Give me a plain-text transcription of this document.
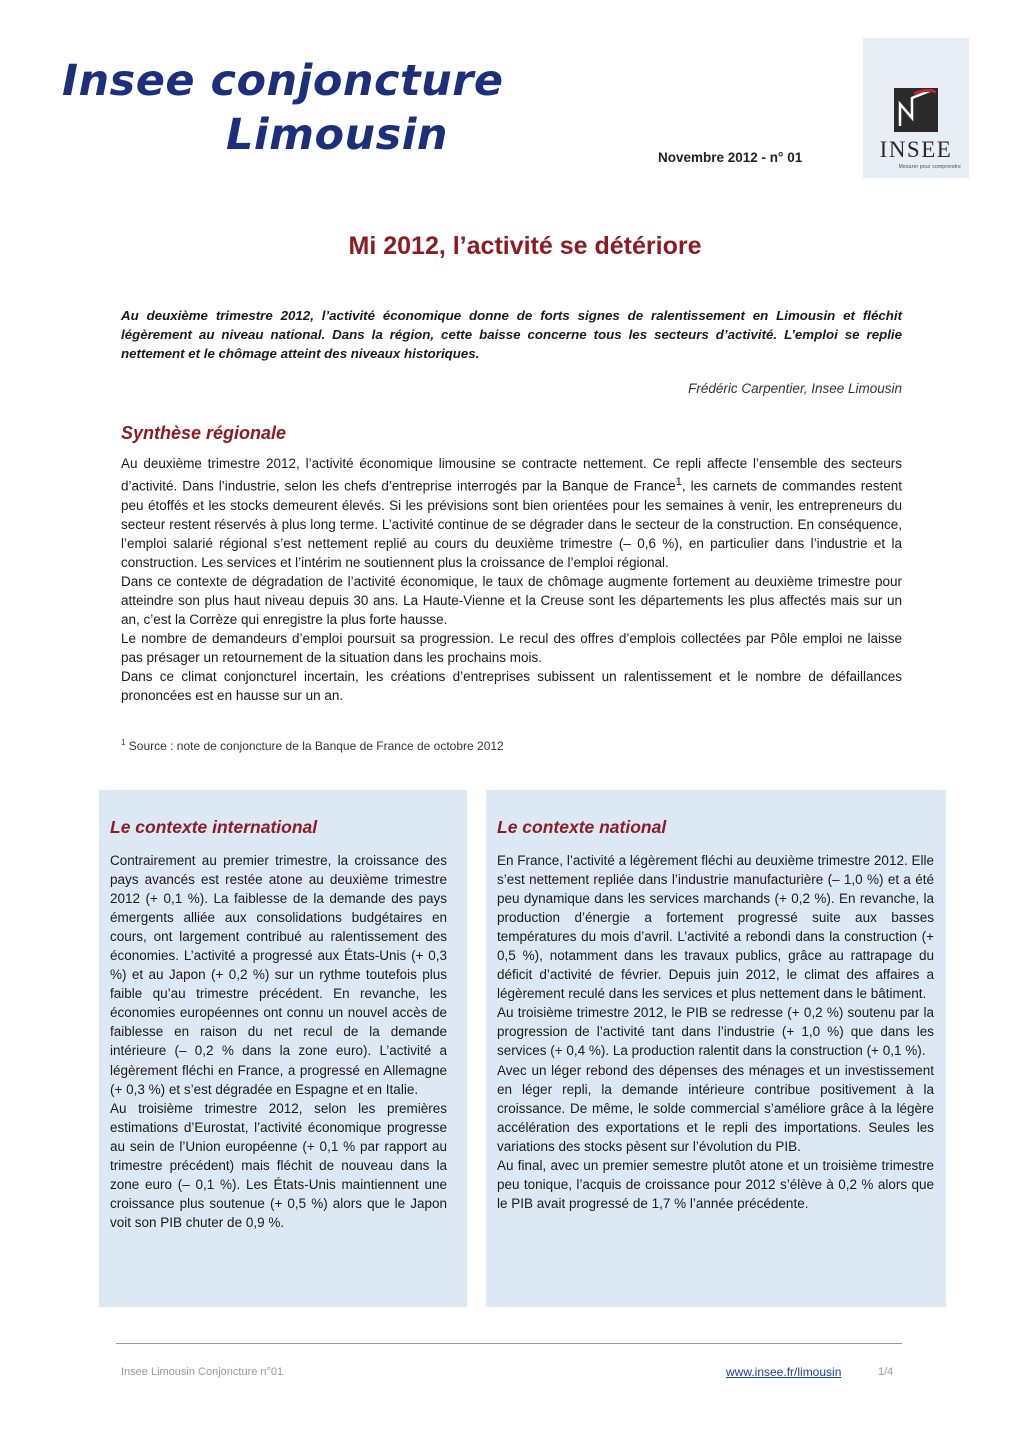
Insee conjoncture
Limousin	Novembre 2012 - n° 01	INSEE
Mesurer pour comprendre
Mi 2012, l’activité se détériore

Au deuxième trimestre 2012, l’activité économique donne de forts signes de ralentissement en Limousin et fléchit légèrement au niveau national. Dans la région, cette baisse concerne tous les secteurs d’activité. L’emploi se replie nettement et le chômage atteint des niveaux historiques.

Frédéric Carpentier, Insee Limousin
Synthèse régionale

Au deuxième trimestre 2012, l’activité économique limousine se contracte nettement. Ce repli affecte l’ensemble des secteurs d’activité. Dans l’industrie, selon les chefs d’entreprise interrogés par la Banque de France$^1$, les carnets de commandes restent peu étoffés et les stocks demeurent élevés. Si les prévisions sont bien orientées pour les semaines à venir, les entrepreneurs du secteur restent réservés à plus long terme. L’activité continue de se dégrader dans le secteur de la construction. En conséquence, l’emploi salarié régional s’est nettement replié au cours du deuxième trimestre (– 0,6 %), en particulier dans l’industrie et la construction. Les services et l’intérim ne soutiennent plus la croissance de l’emploi régional.

Dans ce contexte de dégradation de l’activité économique, le taux de chômage augmente fortement au deuxième trimestre pour atteindre son plus haut niveau depuis 30 ans. La Haute-Vienne et la Creuse sont les départements les plus affectés mais sur un an, c’est la Corrèze qui enregistre la plus forte hausse.

Le nombre de demandeurs d’emploi poursuit sa progression. Le recul des offres d’emplois collectées par Pôle emploi ne laisse pas présager un retournement de la situation dans les prochains mois.

Dans ce climat conjoncturel incertain, les créations d’entreprises subissent un ralentissement et le nombre de défaillances prononcées est en hausse sur un an.

$^1$ Source : note de conjoncture de la Banque de France de octobre 2012
Le contexte international

Contrairement au premier trimestre, la croissance des pays avancés est restée atone au deuxième trimestre 2012 (+ 0,1 %). La faiblesse de la demande des pays émergents alliée aux consolidations budgétaires en cours, ont largement contribué au ralentissement des économies. L’activité a progressé aux États-Unis (+ 0,3 %) et au Japon (+ 0,2 %) sur un rythme toutefois plus faible qu’au trimestre précédent. En revanche, les économies européennes ont connu un nouvel accès de faiblesse en raison du net recul de la demande intérieure (– 0,2 % dans la zone euro). L’activité a légèrement fléchi en France, a progressé en Allemagne (+ 0,3 %) et s’est dégradée en Espagne et en Italie.

Au troisième trimestre 2012, selon les premières estimations d’Eurostat, l’activité économique progresse au sein de l’Union européenne (+ 0,1 % par rapport au trimestre précédent) mais fléchit de nouveau dans la zone euro (– 0,1 %). Les États-Unis maintiennent une croissance plus soutenue (+ 0,5 %) alors que le Japon voit son PIB chuter de 0,9 %.

Le contexte national

En France, l’activité a légèrement fléchi au deuxième trimestre 2012. Elle s’est nettement repliée dans l’industrie manufacturière (– 1,0 %) et a été peu dynamique dans les services marchands (+ 0,2 %). En revanche, la production d’énergie a fortement progressé suite aux basses températures du mois d’avril. L’activité a rebondi dans la construction (+ 0,5 %), notamment dans les travaux publics, grâce au rattrapage du déficit d’activité de février. Depuis juin 2012, le climat des affaires a légèrement reculé dans les services et plus nettement dans le bâtiment.

Au troisième trimestre 2012, le PIB se redresse (+ 0,2 %) soutenu par la progression de l’activité tant dans l’industrie (+ 1,0 %) que dans les services (+ 0,4 %). La production ralentit dans la construction (+ 0,1 %).

Avec un léger rebond des dépenses des ménages et un investissement en léger repli, la demande intérieure contribue positivement à la croissance. De même, le solde commercial s’améliore grâce à la légère accélération des exportations et le repli des importations. Seules les variations des stocks pèsent sur l’évolution du PIB.

Au final, avec un premier semestre plutôt atone et un troisième trimestre peu tonique, l’acquis de croissance pour 2012 s’élève à 0,2 % alors que le PIB avait progressé de 1,7 % l’année précédente.

Insee Limousin Conjoncture n°01	www.insee.fr/limousin	1/4
